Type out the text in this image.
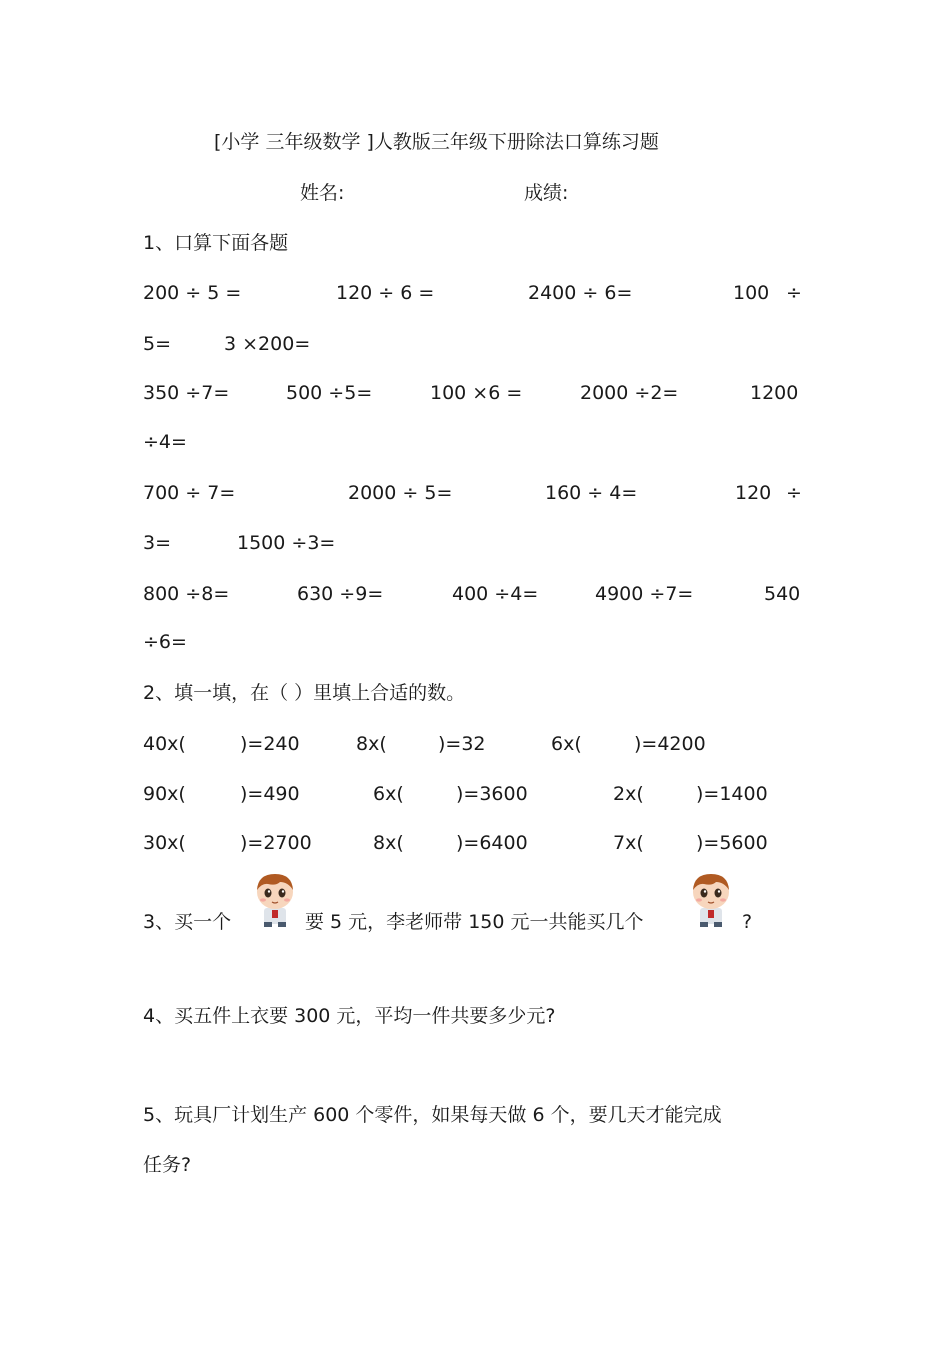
[小学 三年级数学 ]人教版三年级下册除法口算练习题
姓名:	成绩:
1、口算下面各题
200 ÷ 5 =	120 ÷ 6 =	2400 ÷ 6=	100 ÷
5=	3 ×200=
350 ÷7=	500 ÷5=	100 ×6 =	2000 ÷2=	1200
÷4=
700 ÷ 7=	2000 ÷ 5=	160 ÷ 4=	120 ÷
3=	1500 ÷3=
800 ÷8=	630 ÷9=	400 ÷4=	4900 ÷7=	540
÷6=
2、填一填，在（ ）里填上合适的数。
40x(	)=240	8x(	)=32	6x(	)=4200
90x(	)=490	6x(	)=3600	2x(	)=1400
30x(	)=2700	8x(	)=6400	7x(	)=5600
3、买一个	要 5 元，李老师带 150 元一共能买几个	?
4、买五件上衣要 300 元，平均一件共要多少元?
5、玩具厂计划生产 600 个零件，如果每天做 6 个，要几天才能完成
任务?
